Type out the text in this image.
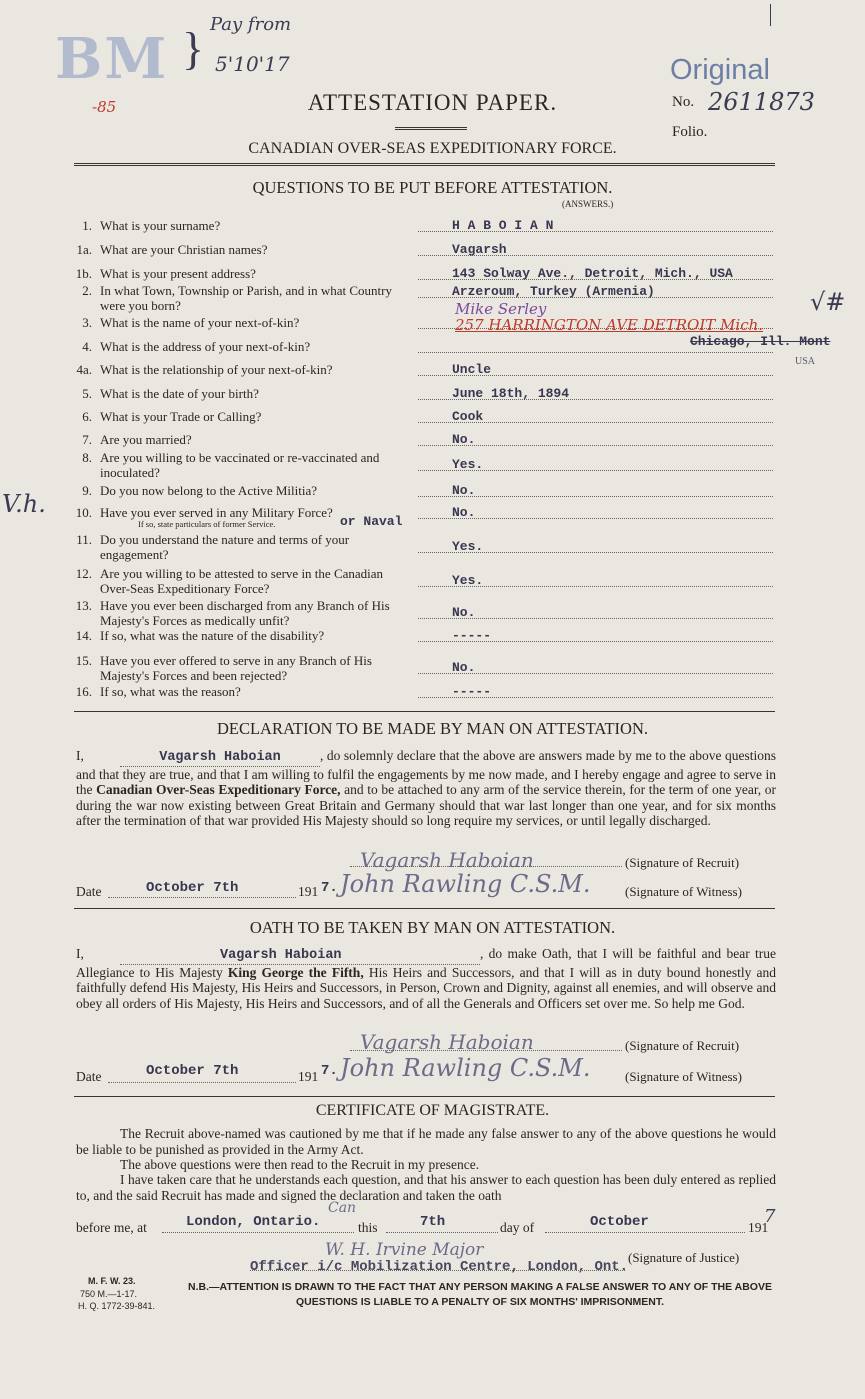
BM } Pay from
5'10'17
-85	ATTESTATION PAPER.
CANADIAN OVER-SEAS EXPEDITIONARY FORCE.
Original
No. 2611873
Folio.
QUESTIONS TO BE PUT BEFORE ATTESTATION.
(ANSWERS.)
1. What is your surname?	H A B O I A N
1a. What are your Christian names?	Vagarsh
1b. What is your present address?	143 Solway Ave., Detroit, Mich., USA
2. In what Town, Township or Parish, and in what Country were you born?
Arzeroum, Turkey (Armenia)
3. What is the name of your next-of-kin?
Mike Serley
4. What is the address of your next-of-kin?
257 HARRINGTON AVE DETROIT Mich.
4a. What is the relationship of your next-of-kin?	Uncle
5. What is the date of your birth?	June 18th, 1894
6. What is your Trade or Calling?	Cook
7. Are you married?	No.
8. Are you willing to be vaccinated or re-vaccinated and inoculated?
Yes.
9. Do you now belong to the Active Militia?	No.
10. Have you ever served in any Military Force?	No.
11. Do you understand the nature and terms of your engagement?
Yes.
12. Are you willing to be attested to serve in the Canadian Over-Seas Expeditionary Force?
Yes.
13. Have you ever been discharged from any Branch of His Majesty's Forces as medically unfit?
No.
14. If so, what was the nature of the disability?	-----
15. Have you ever offered to serve in any Branch of His Majesty's Forces and been rejected?
No.
16. If so, what was the reason?	-----
If so, state particulars of former Service.	or Naval
V.h.
√#
Chicago, Ill. Mont
USA
DECLARATION TO BE MADE BY MAN ON ATTESTATION.
I,	Vagarsh Haboian	, do solemnly declare that the above are answers made by me to the above questions and that they are true, and that I am willing to fulfil the engagements by me now made, and I hereby engage and agree to serve in the Canadian Over-Seas Expeditionary Force, and to be attached to any arm of the service therein, for the term of one year, or during the war now existing between Great Britain and Germany should that war last longer than one year, and for six months after the termination of that war provided His Majesty should so long require my services, or until legally discharged.
Vagarsh Haboian	(Signature of Recruit)
Date	October 7th	191 7. John Rawling C.S.M.	(Signature of Witness)
OATH TO BE TAKEN BY MAN ON ATTESTATION.
I,	Vagarsh Haboian	, do make Oath, that I will be faithful and bear true Allegiance to His Majesty King George the Fifth, His Heirs and Successors, and that I will as in duty bound honestly and faithfully defend His Majesty, His Heirs and Successors, in Person, Crown and Dignity, against all enemies, and will observe and obey all orders of His Majesty, His Heirs and Successors, and of all the Generals and Officers set over me. So help me God.
Vagarsh Haboian	(Signature of Recruit)
Date	October 7th	191 7. John Rawling C.S.M.	(Signature of Witness)
CERTIFICATE OF MAGISTRATE.
The Recruit above-named was cautioned by me that if he made any false answer to any of the above questions he would be liable to be punished as provided in the Army Act.
The above questions were then read to the Recruit in my presence.
I have taken care that he understands each question, and that his answer to each question has been duly entered as replied to, and the said Recruit has made and signed the declaration and taken the oath
before me, at	London, Ontario.
Can
this	7th	day of	October	191
7
W. H. Irvine Major
Officer i/c Mobilization Centre, London, Ont.
(Signature of Justice)
M. F. W. 23.
750 M.—1-17.
H. Q. 1772-39-841.
N.B.—ATTENTION IS DRAWN TO THE FACT THAT ANY PERSON MAKING A FALSE ANSWER TO ANY OF THE ABOVE QUESTIONS IS LIABLE TO A PENALTY OF SIX MONTHS' IMPRISONMENT.
